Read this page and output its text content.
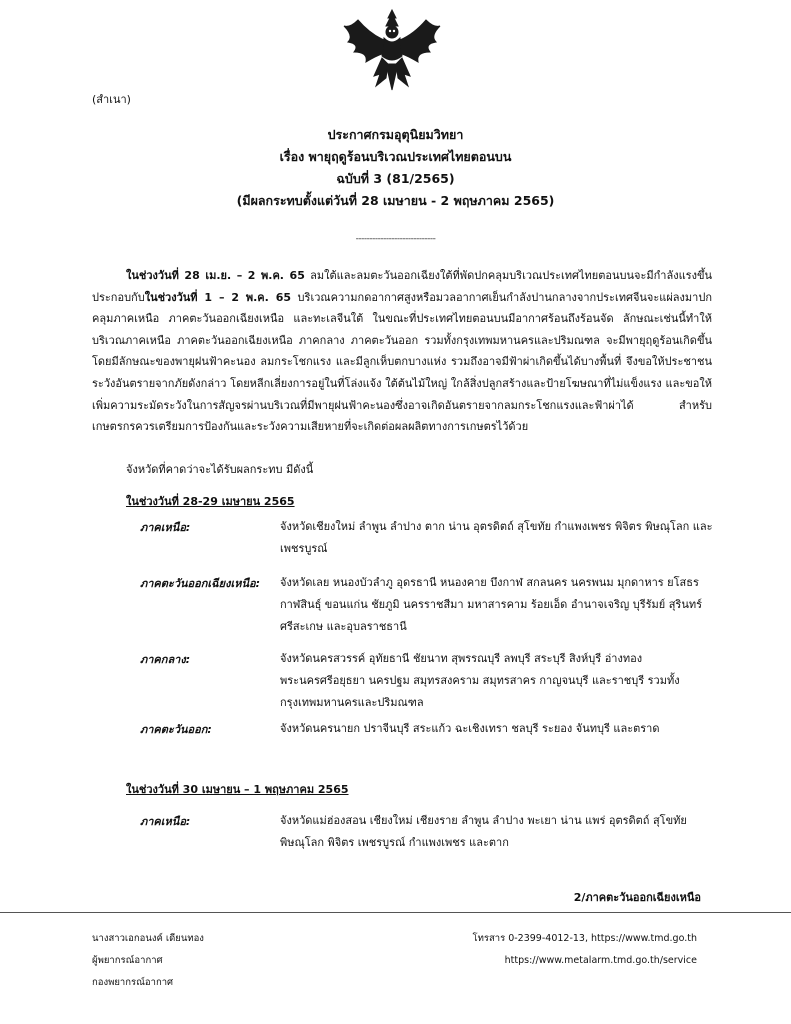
(สำเนา)
ประกาศกรมอุตุนิยมวิทยา
เรื่อง พายุฤดูร้อนบริเวณประเทศไทยตอนบน
ฉบับที่ 3 (81/2565)
(มีผลกระทบตั้งแต่วันที่ 28 เมษายน - 2 พฤษภาคม 2565)
-----------------------------
ในช่วงวันที่ 28 เม.ย. – 2 พ.ค. 65 ลมใต้และลมตะวันออกเฉียงใต้ที่พัดปกคลุมบริเวณประเทศไทยตอนบนจะมีกำลังแรงขึ้น ประกอบกับในช่วงวันที่ 1 – 2 พ.ค. 65 บริเวณความกดอากาศสูงหรือมวลอากาศเย็นกำลังปานกลางจากประเทศจีนจะแผ่ลงมาปกคลุมภาคเหนือ ภาคตะวันออกเฉียงเหนือ และทะเลจีนใต้ ในขณะที่ประเทศไทยตอนบนมีอากาศร้อนถึงร้อนจัด ลักษณะเช่นนี้ทำให้บริเวณภาคเหนือ ภาคตะวันออกเฉียงเหนือ ภาคกลาง ภาคตะวันออก รวมทั้งกรุงเทพมหานครและปริมณฑล จะมีพายุฤดูร้อนเกิดขึ้น โดยมีลักษณะของพายุฝนฟ้าคะนอง ลมกระโชกแรง และมีลูกเห็บตกบางแห่ง รวมถึงอาจมีฟ้าผ่าเกิดขึ้นได้บางพื้นที่ จึงขอให้ประชาชนระวังอันตรายจากภัยดังกล่าว โดยหลีกเลี่ยงการอยู่ในที่โล่งแจ้ง ใต้ต้นไม้ใหญ่ ใกล้สิ่งปลูกสร้างและป้ายโฆษณาที่ไม่แข็งแรง และขอให้เพิ่มความระมัดระวังในการสัญจรผ่านบริเวณที่มีพายุฝนฟ้าคะนองซึ่งอาจเกิดอันตรายจากลมกระโชกแรงและฟ้าผ่าได้ สำหรับเกษตรกรควรเตรียมการป้องกันและระวังความเสียหายที่จะเกิดต่อผลผลิตทางการเกษตรไว้ด้วย
จังหวัดที่คาดว่าจะได้รับผลกระทบ มีดังนี้
ในช่วงวันที่ 28-29 เมษายน 2565
ภาคเหนือ:	จังหวัดเชียงใหม่ ลำพูน ลำปาง ตาก น่าน อุตรดิตถ์ สุโขทัย กำแพงเพชร พิจิตร พิษณุโลก และเพชรบูรณ์
ภาคตะวันออกเฉียงเหนือ: จังหวัดเลย หนองบัวลำภู อุดรธานี หนองคาย บึงกาฬ สกลนคร นครพนม มุกดาหาร ยโสธร กาฬสินธุ์ ขอนแก่น ชัยภูมิ นครราชสีมา มหาสารคาม ร้อยเอ็ด อำนาจเจริญ บุรีรัมย์ สุรินทร์ ศรีสะเกษ และอุบลราชธานี
ภาคกลาง:	จังหวัดนครสวรรค์ อุทัยธานี ชัยนาท สุพรรณบุรี ลพบุรี สระบุรี สิงห์บุรี อ่างทอง พระนครศรีอยุธยา นครปฐม สมุทรสงคราม สมุทรสาคร กาญจนบุรี และราชบุรี รวมทั้งกรุงเทพมหานครและปริมณฑล
ภาคตะวันออก:	จังหวัดนครนายก ปราจีนบุรี สระแก้ว ฉะเชิงเทรา ชลบุรี ระยอง จันทบุรี และตราด
ในช่วงวันที่ 30 เมษายน – 1 พฤษภาคม 2565
ภาคเหนือ:	จังหวัดแม่ฮ่องสอน เชียงใหม่ เชียงราย ลำพูน ลำปาง พะเยา น่าน แพร่ อุตรดิตถ์ สุโขทัย พิษณุโลก พิจิตร เพชรบูรณ์ กำแพงเพชร และตาก
2/ภาคตะวันออกเฉียงเหนือ
นางสาวเอกอนงค์ เดียนทอง
ผู้พยากรณ์อากาศ
กองพยากรณ์อากาศ
โทรสาร 0-2399-4012-13, https://www.tmd.go.th
https://www.metalarm.tmd.go.th/service
